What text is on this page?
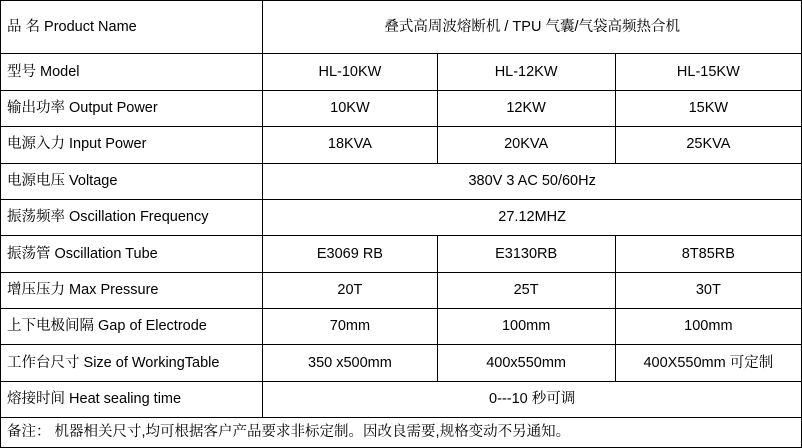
品 名 Product Name	叠式高周波熔断机 / TPU 气囊/气袋高频热合机		
型号 Model	HL-10KW	HL-12KW	HL-15KW
输出功率 Output Power	10KW	12KW	15KW
电源入力 Input Power	18KVA	20KVA	25KVA
电源电压 Voltage	380V 3 AC 50/60Hz		
振荡频率 Oscillation Frequency	27.12MHZ		
振荡管 Oscillation Tube	E3069 RB	E3130RB	8T85RB
增压压力 Max Pressure	20T	25T	30T
上下电极间隔 Gap of Electrode	70mm	100mm	100mm
工作台尺寸 Size of WorkingTable	350 x500mm	400x550mm	400X550mm 可定制
熔接时间 Heat sealing time	0---10 秒可调		
备注： 机器相关尺寸,均可根据客户产品要求非标定制。因改良需要,规格变动不另通知。			
